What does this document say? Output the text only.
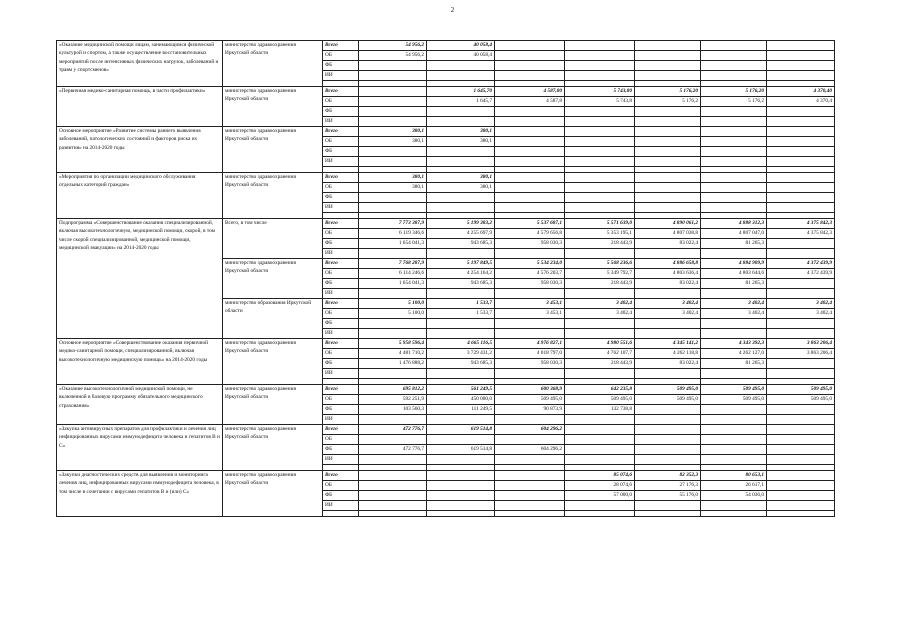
2
«Оказание медицинской помощи лицам, занимающимся физической культурой и спортом, а также осуществление восстановительных мероприятий после интенсивных физических нагрузок, заболеваний и травм у спортсменов»	министерство здравоохранения Иркутской области	Всего	54 956,2	40 058,4					
		ОБ	54 956,2	40 058,4					
		ФБ							
		ИИ							

«Первичная медико-санитарная помощь, в части профилактики»	министерство здравоохранения Иркутской области	Всего		1 645,70	4 587,80	5 743,80	5 176,20	5 176,20	4 370,40
		ОБ		1 645,7	4 587,8	5 743,8	5 176,2	5 176,2	4 370,4
		ФБ							
		ИИ							
Основное мероприятие «Развитие системы раннего выявления заболеваний, патологических состояний и факторов риска их развития» на 2014-2020 годы	министерство здравоохранения Иркутской области	Всего	380,1	380,1					
		ОБ	380,1	380,1					
		ФБ							
		ИИ							

«Мероприятия по организации медицинского обслуживания отдельных категорий граждан»	министерство здравоохранения Иркутской области	Всего	380,1	380,1					
		ОБ	380,1	380,1					
		ФБ							
		ИИ							

Подпрограмма «Совершенствование оказания специализированной, включая высокотехнологичную, медицинской помощи, скорой, в том числе скорой специализированной, медицинской помощи, медицинской эвакуации» на 2014-2020 годы	Всего, в том числе	Всего	7 773 387,9	5 199 383,2	5 537 687,1	5 571 639,0	4 890 061,2	4 888 312,3	4 375 842,3
		ОБ	6 119 346,6	4 255 697,9	4 579 656,8	5 353 195,1	4 807 038,8	4 807 047,0	4 375 842,3
		ФБ	1 654 041,3	943 685,3	958 030,3	218 443,9	83 022,4	81 265,3	
		ИИ							
	министерство здравоохранения Иркутской области	Всего	7 768 287,9	5 197 849,5	5 534 234,0	5 568 236,6	4 886 658,8	4 884 909,9	4 372 439,9
		ОБ	6 114 246,6	4 254 164,2	4 576 203,7	5 349 792,7	4 803 636,4	4 803 644,6	4 372 439,9
		ФБ	1 654 041,3	943 685,3	958 030,3	218 443,9	83 022,4	81 265,3	
		ИИ							
	министерство образования Иркутской области	Всего	5 100,0	1 533,7	3 453,1	3 402,4	3 402,4	3 402,4	3 402,4
		ОБ	5 100,0	1 533,7	3 453,1	3 402,4	3 402,4	3 402,4	3 402,4
		ФБ							
		ИИ							
Основное мероприятие «Совершенствование оказания первичной медико-санитарной помощи, специализированной, включая высокотехнологичную медицинскую помощь» на 2014-2020 годы	министерство здравоохранения Иркутской области	Всего	5 958 596,4	4 665 116,5	4 976 827,1	4 980 551,6	4 345 141,2	4 343 392,3	3 863 206,4
		ОБ	4 481 710,2	3 729 431,2	4 018 797,0	4 762 107,7	4 262 118,8	4 262 127,0	3 863 206,4
		ФБ	1 476 888,2	943 685,3	958 030,3	218 443,9	83 022,4	81 265,3	
		ИИ							

«Оказание высокотехнологичной медицинской помощи, не включенной в базовую программу обязательного медицинского страхования»	министерство здравоохранения Иркутской области	Всего	695 812,2	561 249,5	600 368,9	642 235,8	509 495,0	509 495,0	509 495,0
		ОБ	592 251,9	450 000,0	509 495,0	509 495,0	509 495,0	509 495,0	509 495,0
		ФБ	103 560,3	111 249,5	90 873,9	132 738,8			
		ИИ							
«Закупка антивирусных препаратов для профилактики и лечения лиц инфицированных вирусами иммунодефицита человека и гепатитов В и С»	министерство здравоохранения Иркутской области	Всего	472 776,7	619 514,8	604 296,2				
		ОБ							
		ФБ	472 776,7	619 514,8	604 296,2				
		ИИ							

«Закупки диагностических средств для выявления и мониторинга лечения лиц, инфицированных вирусами иммунодефицита человека, в том числе в сочетании с вирусами гепатитов В и (или) С»	министерство здравоохранения Иркутской области	Всего				85 074,6	82 352,3	80 653,1	
		ОБ				28 074,6	27 176,3	26 617,1	
		ФБ				57 000,0	55 176,0	54 036,0	
		ИИ							
